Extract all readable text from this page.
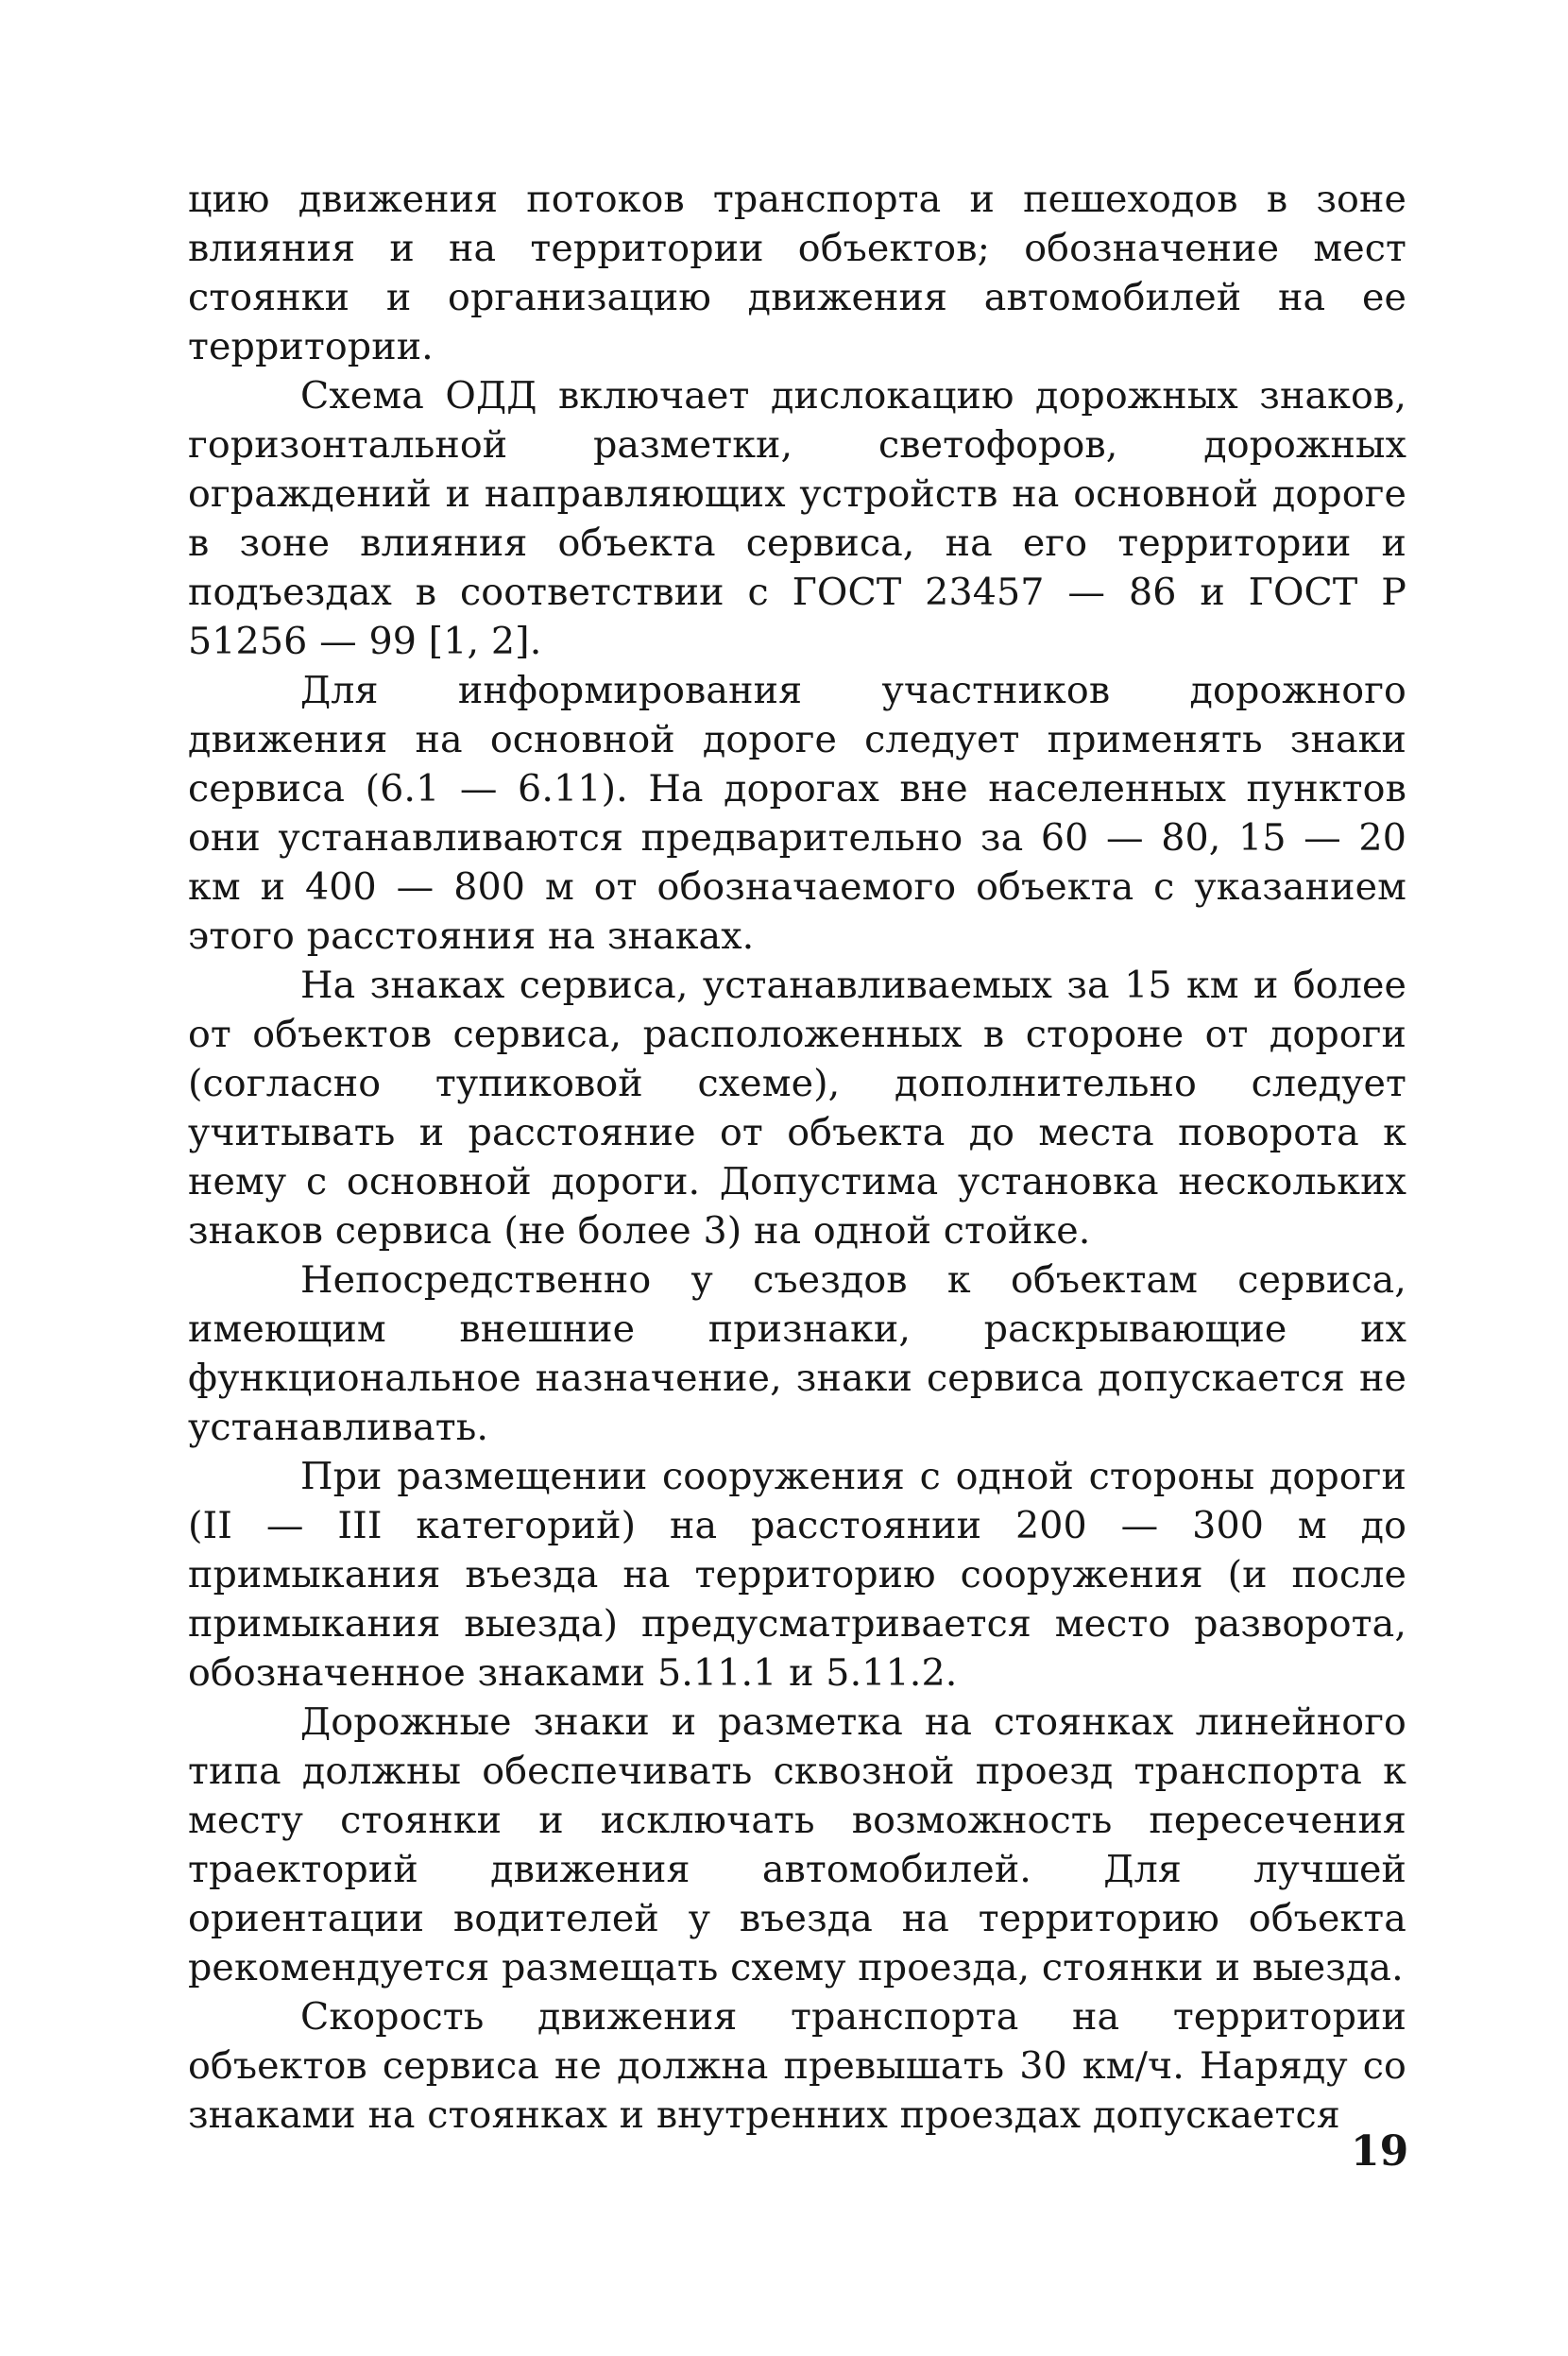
цию движения потоков транспорта и пешеходов в зоне влияния и на территории объектов; обозначение мест стоянки и организацию движения автомобилей на ее территории.

Схема ОДД включает дислокацию дорожных знаков, горизонтальной разметки, светофоров, дорожных ограждений и направляющих устройств на основной дороге в зоне влияния объекта сервиса, на его территории и подъездах в соответствии с ГОСТ 23457 — 86 и ГОСТ Р 51256 — 99 [1, 2].

Для информирования участников дорожного движения на основной дороге следует применять знаки сервиса (6.1 — 6.11). На дорогах вне населенных пунктов они устанавливаются предварительно за 60 — 80, 15 — 20 км и 400 — 800 м от обозначаемого объекта с указанием этого расстояния на знаках.

На знаках сервиса, устанавливаемых за 15 км и более от объектов сервиса, расположенных в стороне от дороги (согласно тупиковой схеме), дополнительно следует учитывать и расстояние от объекта до места поворота к нему с основной дороги. Допустима установка нескольких знаков сервиса (не более 3) на одной стойке.

Непосредственно у съездов к объектам сервиса, имеющим внешние признаки, раскрывающие их функциональное назначение, знаки сервиса допускается не устанавливать.

При размещении сооружения с одной стороны дороги (II — III категорий) на расстоянии 200 — 300 м до примыкания въезда на территорию сооружения (и после примыкания выезда) предусматривается место разворота, обозначенное знаками 5.11.1 и 5.11.2.

Дорожные знаки и разметка на стоянках линейного типа должны обеспечивать сквозной проезд транспорта к месту стоянки и исключать возможность пересечения траекторий движения автомобилей. Для лучшей ориентации водителей у въезда на территорию объекта рекомендуется размещать схему проезда, стоянки и выезда.

Скорость движения транспорта на территории объектов сервиса не должна превышать 30 км/ч. Наряду со знаками на стоянках и внутренних проездах допускается

19
